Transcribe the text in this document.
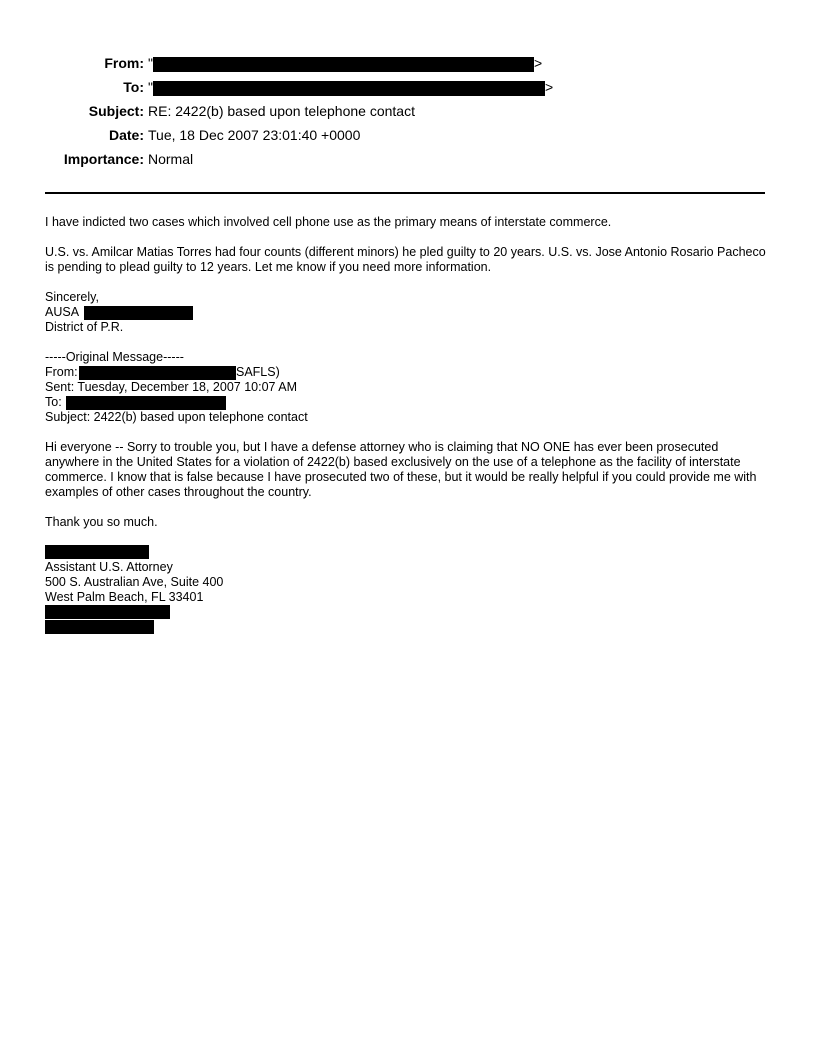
From: "	>
To: "	>
Subject: RE: 2422(b) based upon telephone contact
Date: Tue, 18 Dec 2007 23:01:40 +0000
Importance: Normal
I have indicted two cases which involved cell phone use as the primary means of interstate commerce.
U.S. vs. Amilcar Matias Torres had four counts (different minors) he pled guilty to 20 years. U.S. vs. Jose Antonio Rosario Pacheco is pending to plead guilty to 12 years. Let me know if you need more information.
Sincerely,
AUSA
District of P.R.
-----Original Message-----
From:	SAFLS)
Sent: Tuesday, December 18, 2007 10:07 AM
To:
Subject: 2422(b) based upon telephone contact
Hi everyone -- Sorry to trouble you, but I have a defense attorney who is claiming that NO ONE has ever been prosecuted anywhere in the United States for a violation of 2422(b) based exclusively on the use of a telephone as the facility of interstate commerce. I know that is false because I have prosecuted two of these, but it would be really helpful if you could provide me with examples of other cases throughout the country.
Thank you so much.
Assistant U.S. Attorney
500 S. Australian Ave, Suite 400
West Palm Beach, FL 33401
